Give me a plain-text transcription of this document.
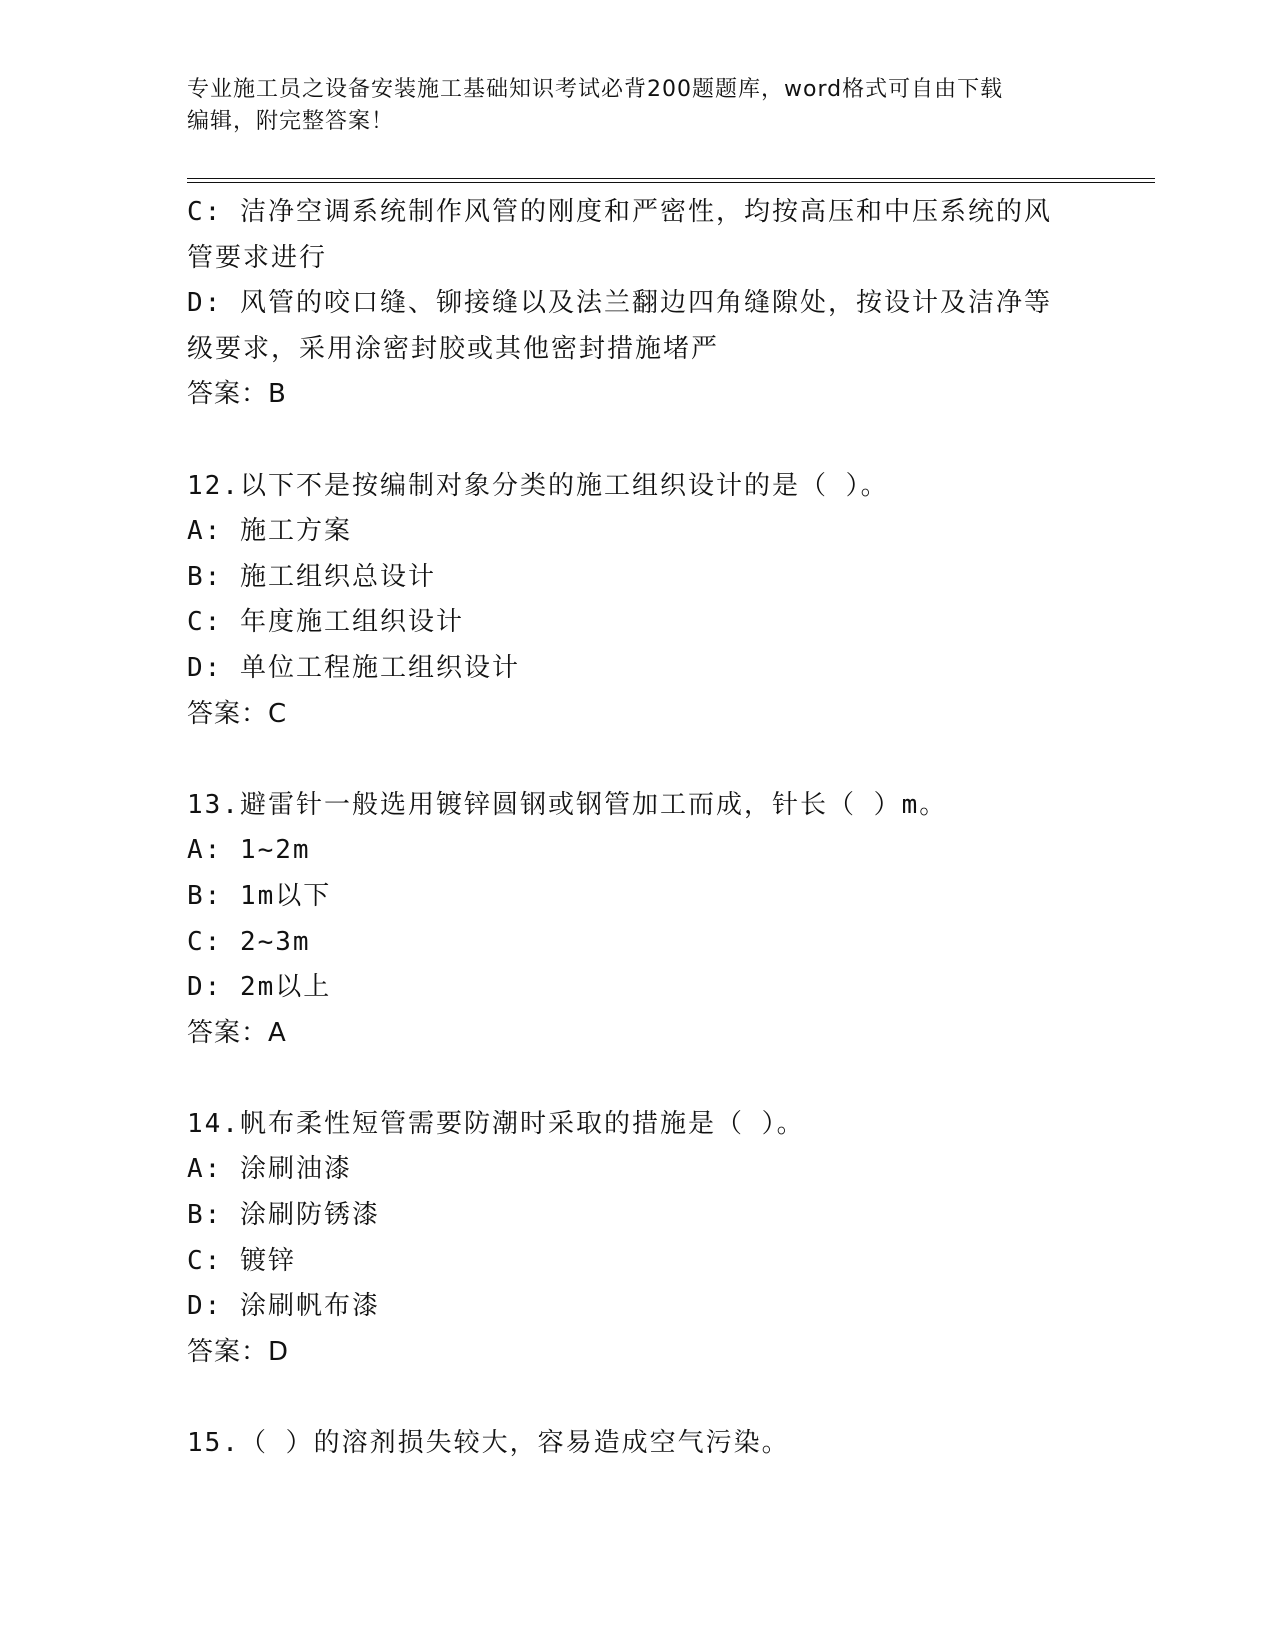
专业施工员之设备安装施工基础知识考试必背200题题库，word格式可自由下载
编辑，附完整答案！
C: 洁净空调系统制作风管的刚度和严密性，均按高压和中压系统的风
管要求进行
D: 风管的咬口缝、铆接缝以及法兰翻边四角缝隙处，按设计及洁净等
级要求，采用涂密封胶或其他密封措施堵严
答案：B
12.以下不是按编制对象分类的施工组织设计的是（ ）。
A: 施工方案
B: 施工组织总设计
C: 年度施工组织设计
D: 单位工程施工组织设计
答案：C
13.避雷针一般选用镀锌圆钢或钢管加工而成，针长（ ）m。
A: 1~2m
B: 1m以下
C: 2~3m
D: 2m以上
答案：A
14.帆布柔性短管需要防潮时采取的措施是（ ）。
A: 涂刷油漆
B: 涂刷防锈漆
C: 镀锌
D: 涂刷帆布漆
答案：D
15.（ ）的溶剂损失较大，容易造成空气污染。
